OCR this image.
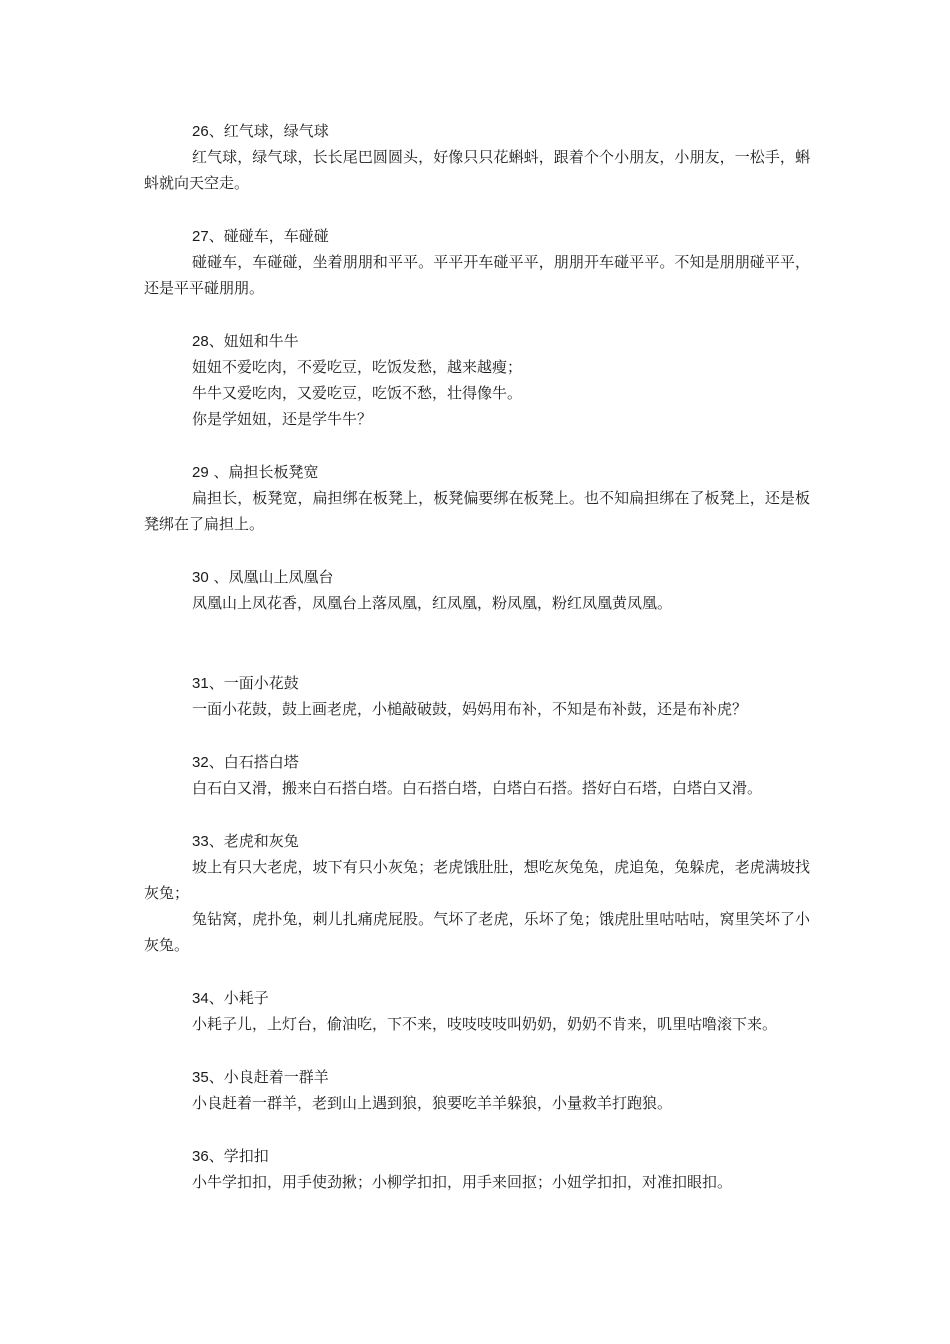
26、红气球，绿气球

红气球，绿气球，长长尾巴圆圆头，好像只只花蝌蚪，跟着个个小朋友，小朋友，一松手，蝌蚪就向天空走。

27、碰碰车，车碰碰

碰碰车，车碰碰，坐着朋朋和平平。平平开车碰平平，朋朋开车碰平平。不知是朋朋碰平平，还是平平碰朋朋。

28、妞妞和牛牛

妞妞不爱吃肉，不爱吃豆，吃饭发愁，越来越瘦；

牛牛又爱吃肉，又爱吃豆，吃饭不愁，壮得像牛。

你是学妞妞，还是学牛牛？

29 、扁担长板凳宽

扁担长，板凳宽，扁担绑在板凳上，板凳偏要绑在板凳上。也不知扁担绑在了板凳上，还是板凳绑在了扁担上。

30 、凤凰山上凤凰台

凤凰山上凤花香，凤凰台上落凤凰，红凤凰，粉凤凰，粉红凤凰黄凤凰。

31、一面小花鼓

一面小花鼓，鼓上画老虎，小槌敲破鼓，妈妈用布补，不知是布补鼓，还是布补虎？

32、白石搭白塔

白石白又滑，搬来白石搭白塔。白石搭白塔，白塔白石搭。搭好白石塔，白塔白又滑。

33、老虎和灰兔

坡上有只大老虎，坡下有只小灰兔；老虎饿肚肚，想吃灰兔兔，虎追兔，兔躲虎，老虎满坡找灰兔；

兔钻窝，虎扑兔，刺儿扎痛虎屁股。气坏了老虎，乐坏了兔；饿虎肚里咕咕咕，窝里笑坏了小灰兔。

34、小耗子

小耗子儿，上灯台，偷油吃，下不来，吱吱吱吱叫奶奶，奶奶不肯来，叽里咕噜滚下来。

35、小良赶着一群羊

小良赶着一群羊，老到山上遇到狼，狼要吃羊羊躲狼，小量救羊打跑狼。

36、学扣扣

小牛学扣扣，用手使劲揪；小柳学扣扣，用手来回抠；小妞学扣扣，对准扣眼扣。
